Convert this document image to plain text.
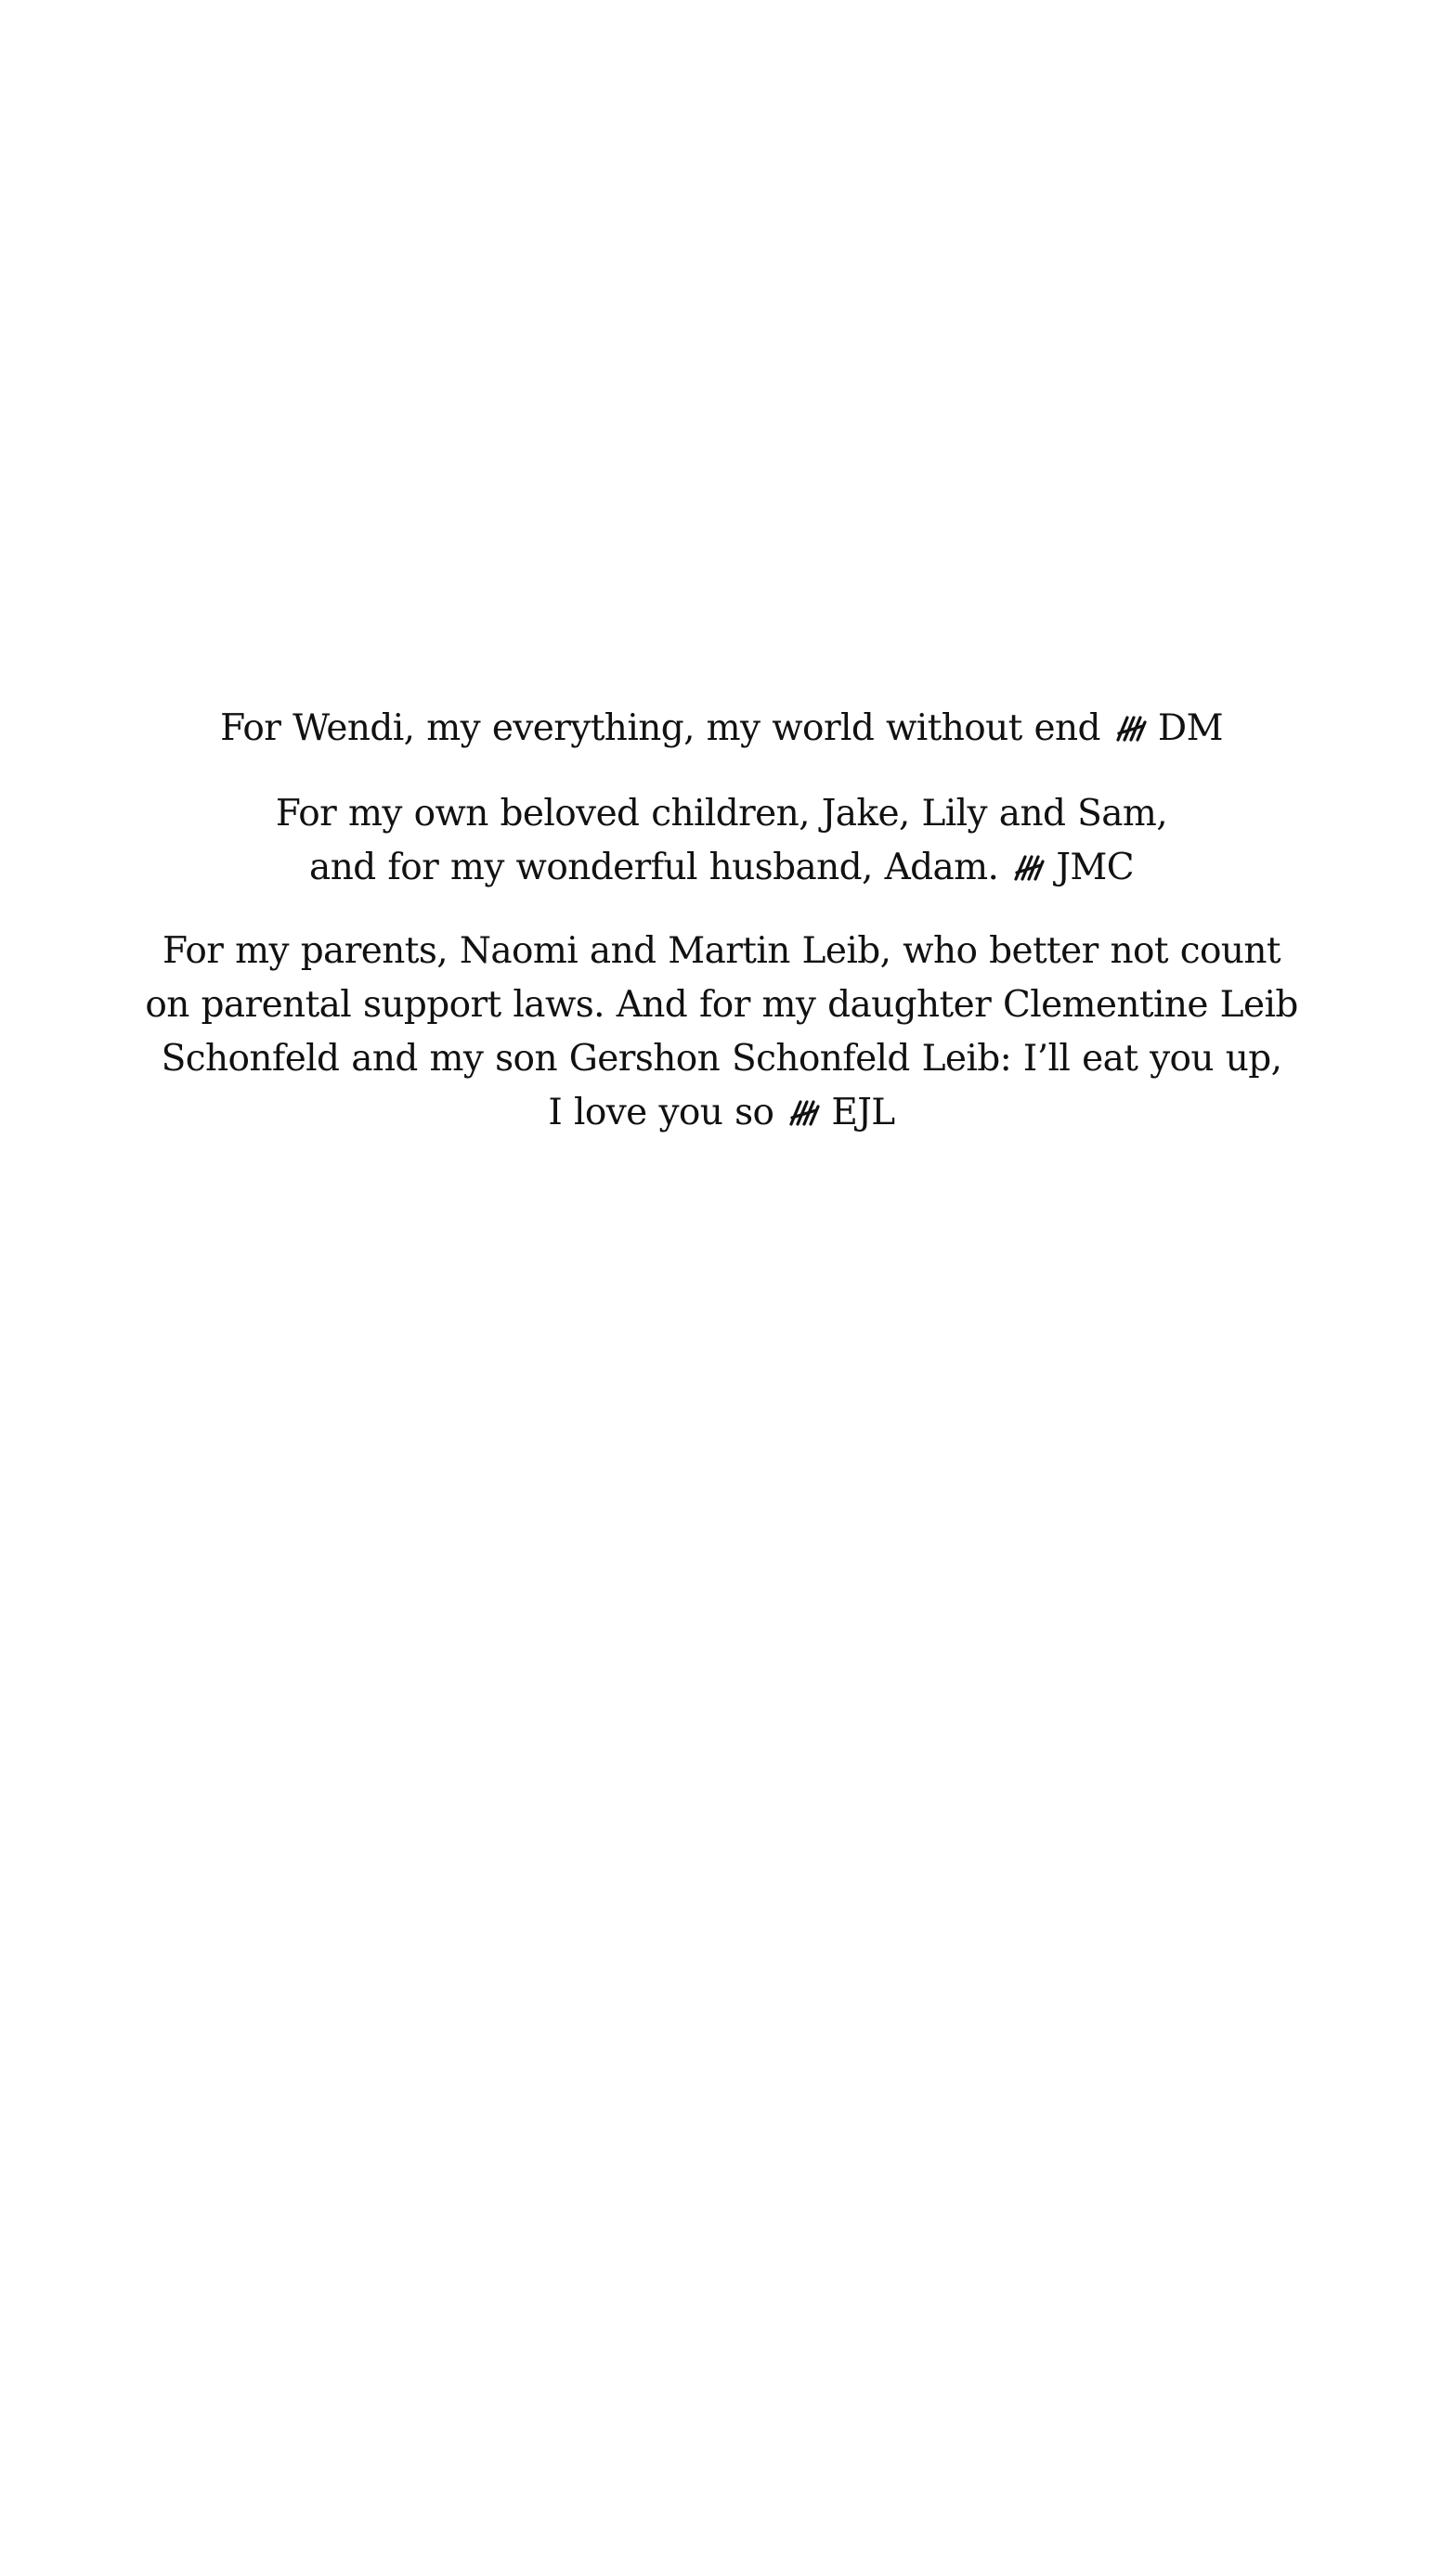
For Wendi, my everything, my world without end DM
For my own beloved children, Jake, Lily and Sam,
and for my wonderful husband, Adam. JMC
For my parents, Naomi and Martin Leib, who better not count
on parental support laws. And for my daughter Clementine Leib
Schonfeld and my son Gershon Schonfeld Leib: I’ll eat you up,
I love you so EJL
